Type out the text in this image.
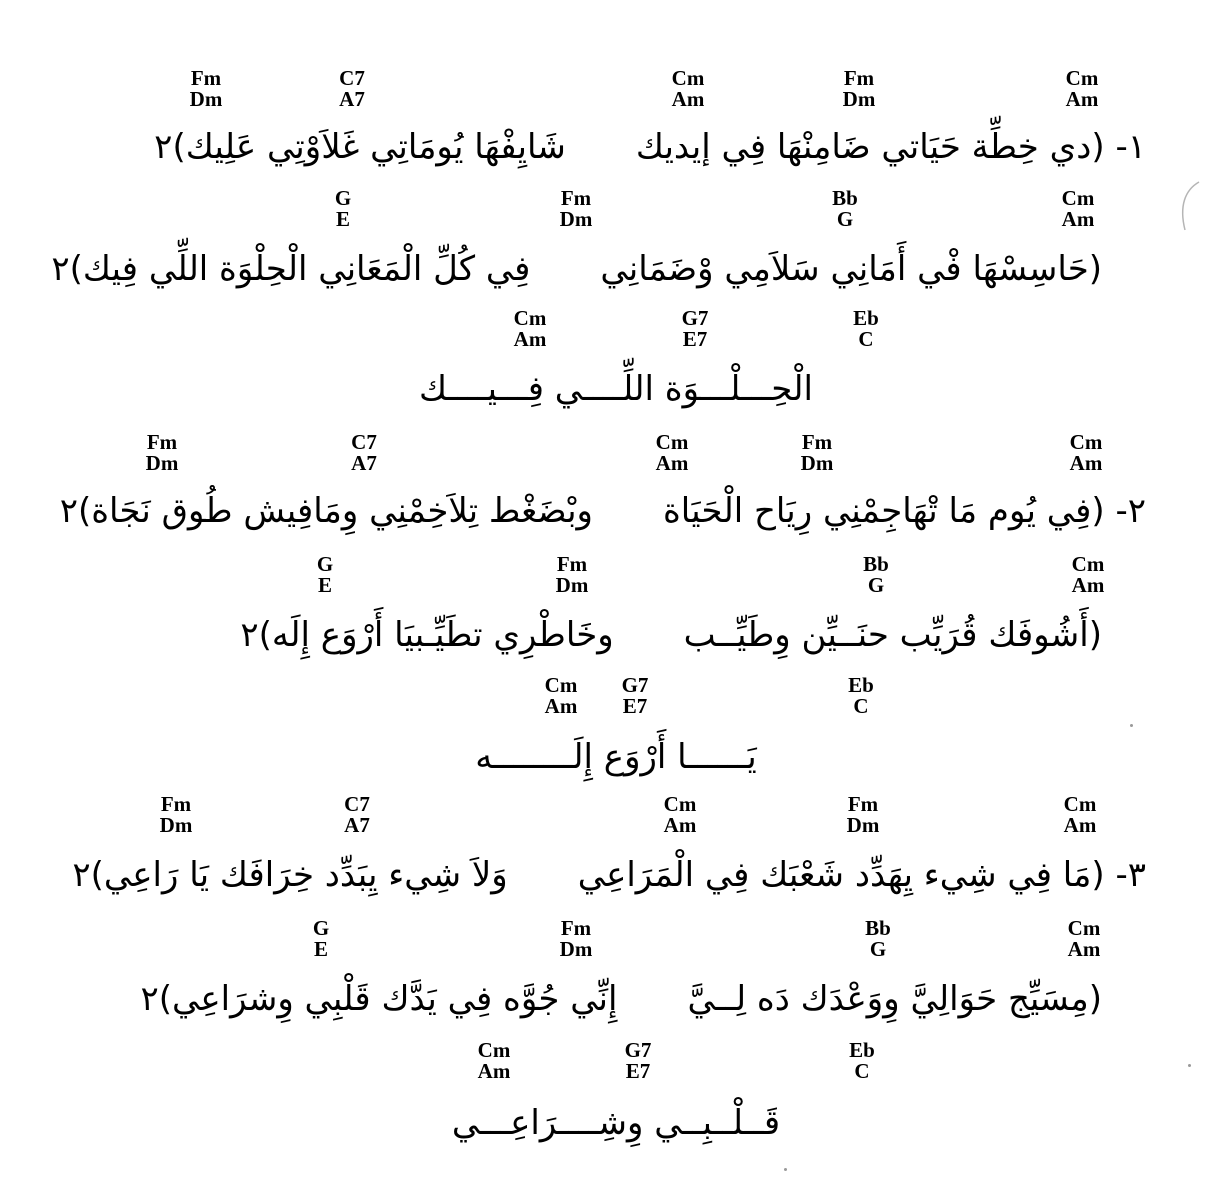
Fm
Dm
C7
A7
Cm
Am
Fm
Dm
Cm
Am
١- (دي خِطِّة حَيَاتي ضَامِنْهَا فِي إيديكشَايِفْهَا يُومَاتِي غَلاَوْتِي عَلِيك)٢
G
E
Fm
Dm
Bb
G
Cm
Am
(حَاسِسْهَا فْي أَمَانِي سَلاَمِي وْضَمَانِيفِي كُلِّ الْمَعَانِي الْحِلْوَة اللِّي فِيك)٢
Cm
Am
G7
E7
Eb
C
الْحِـــلْـــوَة اللِّــــي فِـــيــــك
Fm
Dm
C7
A7
Cm
Am
Fm
Dm
Cm
Am
٢- (فِي يُوم مَا تْهَاجِمْنِي رِيَاح الْحَيَاةوبْضَغْط تِلاَخِمْنِي وِمَافِيش طُوق نَجَاة)٢
G
E
Fm
Dm
Bb
G
Cm
Am
(أَشُوفَك قُرَيِّب حنَــيِّن وِطَيِّــبوخَاطْرِي تطَيِّـبيَا أَرْوَع إِلَه)٢
Cm
Am
G7
E7
Eb
C
يَــــــا أَرْوَع إِلَــــــــه
Fm
Dm
C7
A7
Cm
Am
Fm
Dm
Cm
Am
٣- (مَا فِي شِيء يِهَدِّد شَعْبَك فِي الْمَرَاعِيوَلاَ شِيء يِبَدِّد خِرَافَك يَا رَاعِي)٢
G
E
Fm
Dm
Bb
G
Cm
Am
(مِسَيِّج حَوَالِيَّ وِوَعْدَك دَه لِــيَّإِنِّي جُوَّه فِي يَدَّك قَلْبِي وِشرَاعِي)٢
Cm
Am
G7
E7
Eb
C
قَــلْــبِــي وِشِــــرَاعِـــي
